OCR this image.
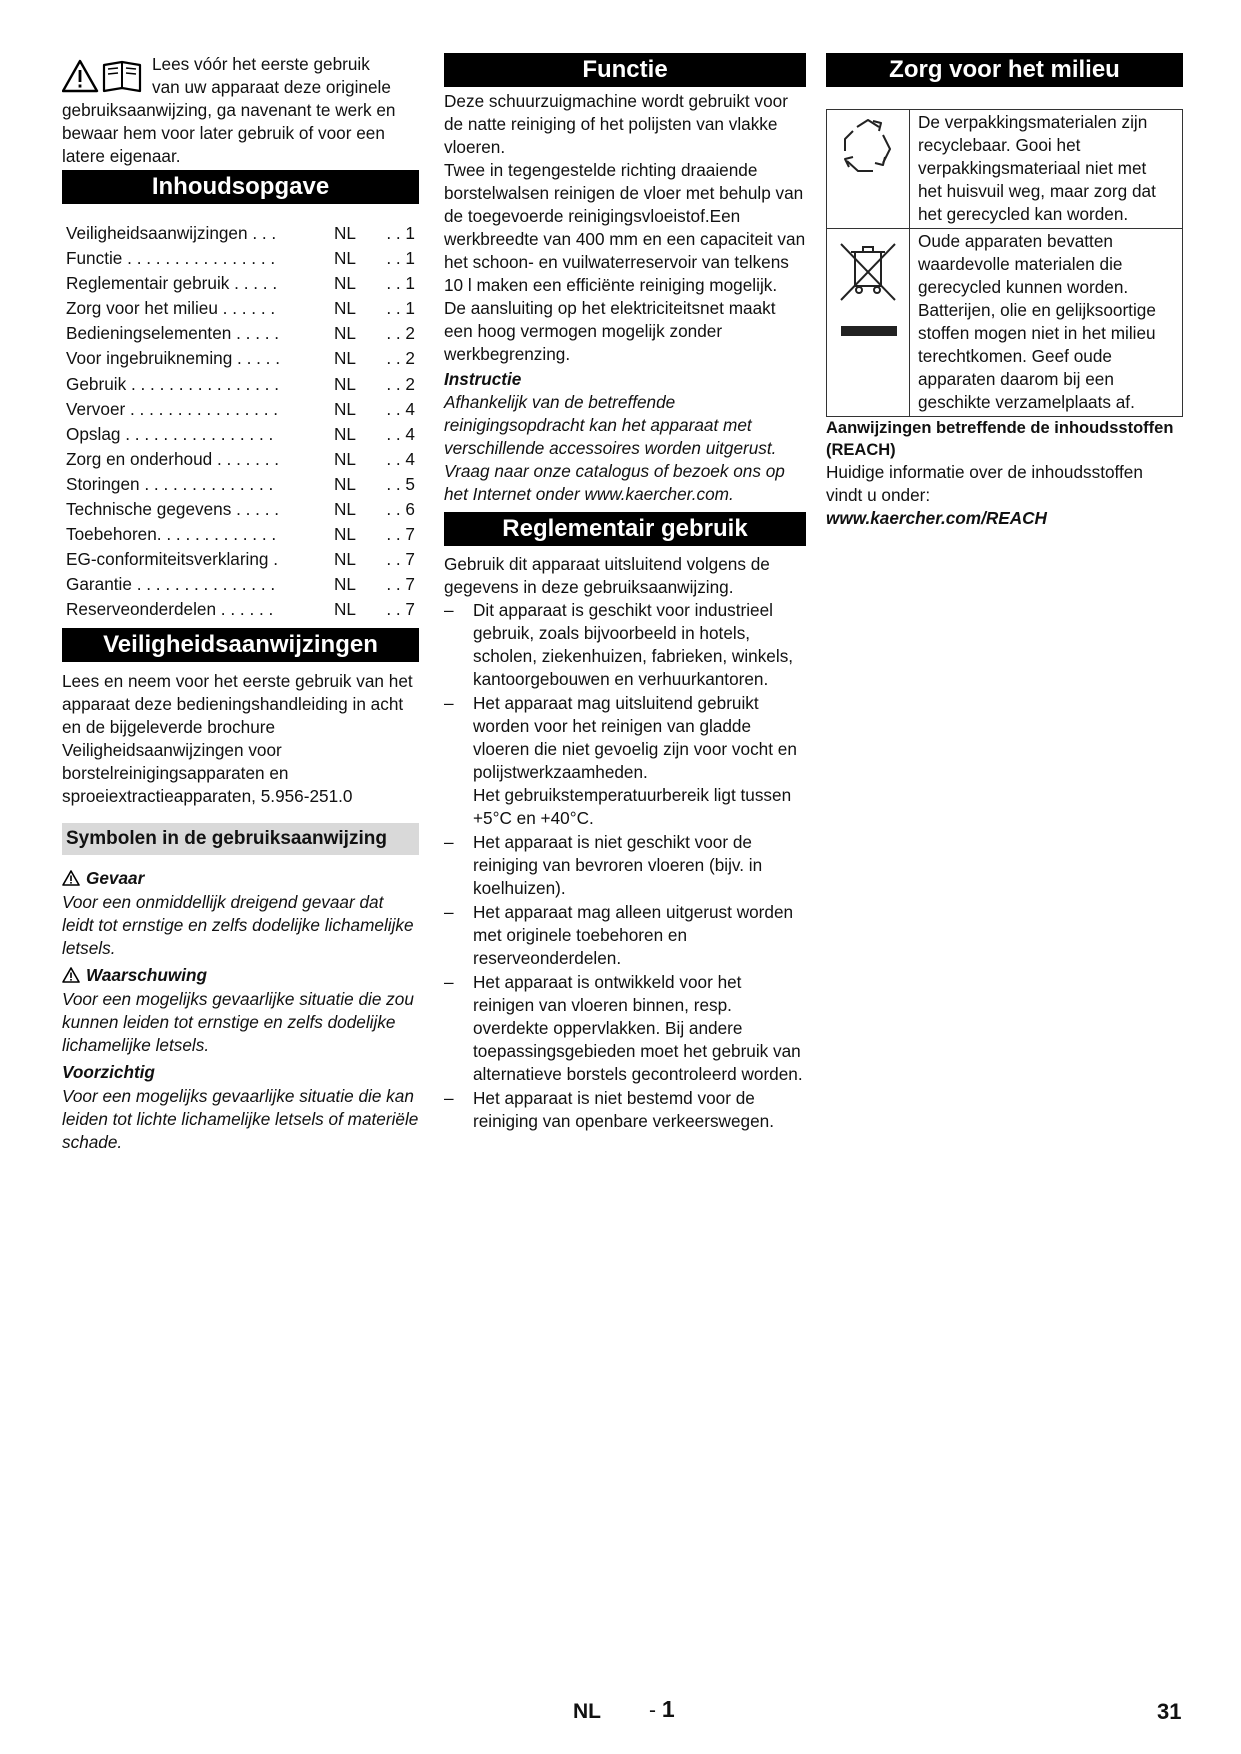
Lees vóór het eerste gebruik

van uw apparaat deze originele

gebruiksaanwijzing, ga navenant te werk en bewaar hem voor later gebruik of voor een latere eigenaar.

Inhoudsopgave
Veiligheidsaanwijzingen . . .	NL	. . 1
Functie . . . . . . . . . . . . . . . .	NL	. . 1
Reglementair gebruik . . . . .	NL	. . 1
Zorg voor het milieu . . . . . .	NL	. . 1
Bedieningselementen . . . . .	NL	. . 2
Voor ingebruikneming . . . . .	NL	. . 2
Gebruik . . . . . . . . . . . . . . . .	NL	. . 2
Vervoer . . . . . . . . . . . . . . . .	NL	. . 4
Opslag . . . . . . . . . . . . . . . .	NL	. . 4
Zorg en onderhoud . . . . . . .	NL	. . 4
Storingen . . . . . . . . . . . . . .	NL	. . 5
Technische gegevens . . . . .	NL	. . 6
Toebehoren. . . . . . . . . . . . .	NL	. . 7
EG-conformiteitsverklaring .	NL	. . 7
Garantie . . . . . . . . . . . . . . .	NL	. . 7
Reserveonderdelen . . . . . .	NL	. . 7
Veiligheidsaanwijzingen

Lees en neem voor het eerste gebruik van het apparaat deze bedieningshandleiding in acht en de bijgeleverde brochure Veiligheidsaanwijzingen voor borstelreinigingsapparaten en sproeiextractieapparaten, 5.956-251.0

Symbolen in de gebruiksaanwijzing
Gevaar

Voor een onmiddellijk dreigend gevaar dat leidt tot ernstige en zelfs dodelijke lichamelijke letsels.

Waarschuwing

Voor een mogelijks gevaarlijke situatie die zou kunnen leiden tot ernstige en zelfs dodelijke lichamelijke letsels.

Voorzichtig

Voor een mogelijks gevaarlijke situatie die kan leiden tot lichte lichamelijke letsels of materiële schade.

Functie

Deze schuurzuigmachine wordt gebruikt voor de natte reiniging of het polijsten van vlakke vloeren.

Twee in tegengestelde richting draaiende borstelwalsen reinigen de vloer met behulp van de toegevoerde reinigingsvloeistof.Een werkbreedte van 400 mm en een capaciteit van het schoon- en vuilwaterreservoir van telkens 10 l maken een efficiënte reiniging mogelijk.

De aansluiting op het elektriciteitsnet maakt een hoog vermogen mogelijk zonder werkbegrenzing.

Instructie

Afhankelijk van de betreffende reinigingsopdracht kan het apparaat met verschillende accessoires worden uitgerust. Vraag naar onze catalogus of bezoek ons op het Internet onder www.kaercher.com.

Reglementair gebruik

Gebruik dit apparaat uitsluitend volgens de gegevens in deze gebruiksaanwijzing.

– Dit apparaat is geschikt voor industrieel gebruik, zoals bijvoorbeeld in hotels, scholen, ziekenhuizen, fabrieken, winkels, kantoorgebouwen en verhuurkantoren.

– Het apparaat mag uitsluitend gebruikt worden voor het reinigen van gladde vloeren die niet gevoelig zijn voor vocht en polijstwerkzaamheden.

Het gebruikstemperatuurbereik ligt tussen +5°C en +40°C.

– Het apparaat is niet geschikt voor de reiniging van bevroren vloeren (bijv. in koelhuizen).

– Het apparaat mag alleen uitgerust worden met originele toebehoren en reserveonderdelen.

– Het apparaat is ontwikkeld voor het reinigen van vloeren binnen, resp. overdekte oppervlakken. Bij andere toepassingsgebieden moet het gebruik van alternatieve borstels gecontroleerd worden.

– Het apparaat is niet bestemd voor de reiniging van openbare verkeerswegen.

Zorg voor het milieu
	De verpakkingsmaterialen zijn recyclebaar. Gooi het verpakkingsmateriaal niet met het huisvuil weg, maar zorg dat het gerecycled kan worden.
	Oude apparaten bevatten waardevolle materialen die gerecycled kunnen worden. Batterijen, olie en gelijksoortige stoffen mogen niet in het milieu terechtkomen. Geef oude apparaten daarom bij een geschikte verzamelplaats af.

Aanwijzingen betreffende de inhoudsstoffen (REACH)

Huidige informatie over de inhoudsstoffen vindt u onder:

www.kaercher.com/REACH

NL - 1	31
